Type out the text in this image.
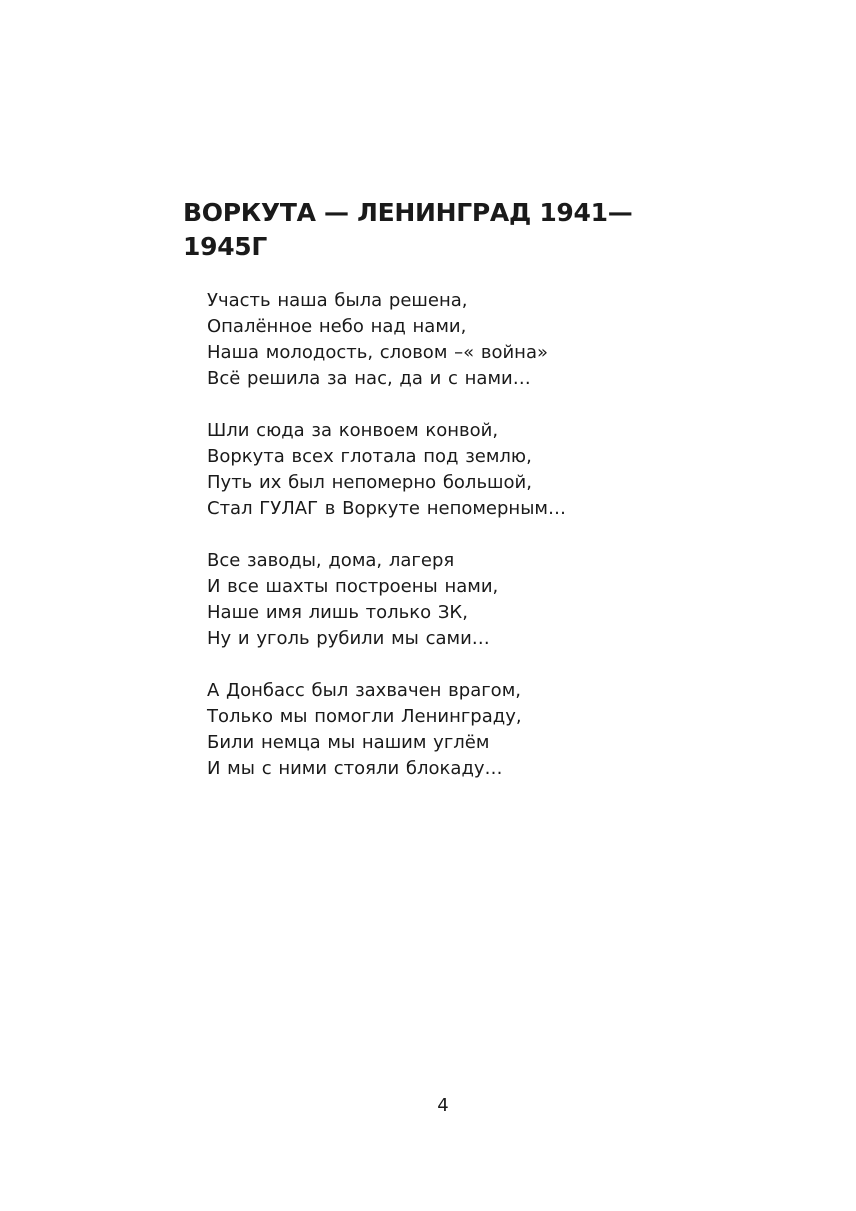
ВОРКУТА — ЛЕНИНГРАД 1941—
1945Г
Участь наша была решена,
Опалённое небо над нами,
Наша молодость, словом –« война»
Всё решила за нас, да и с нами…
Шли сюда за конвоем конвой,
Воркута всех глотала под землю,
Путь их был непомерно большой,
Стал ГУЛАГ в Воркуте непомерным…
Все заводы, дома, лагеря
И все шахты построены нами,
Наше имя лишь только ЗК,
Ну и уголь рубили мы сами…
А Донбасс был захвачен врагом,
Только мы помогли Ленинграду,
Били немца мы нашим углём
И мы с ними стояли блокаду…
4
